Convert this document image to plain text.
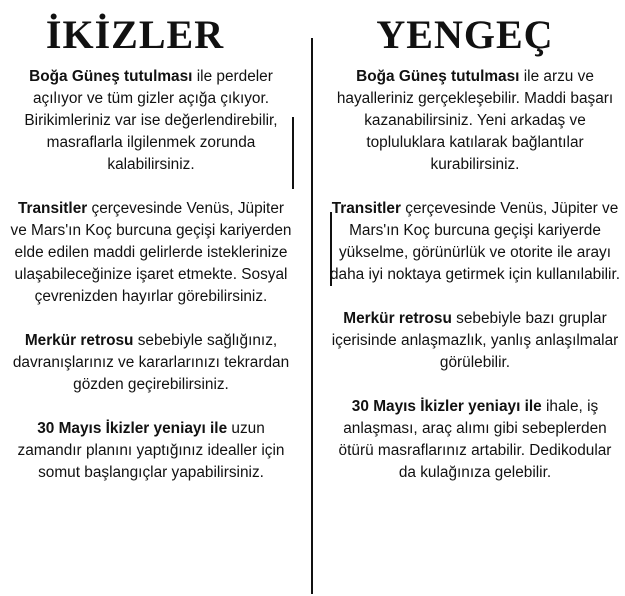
İKİZLER	YENGEÇ

Boğa Güneş tutulması ile perdeler açılıyor ve tüm gizler açığa çıkıyor. Birikimleriniz var ise değerlendirebilir, masraflarla ilgilenmek zorunda kalabilirsiniz.

Transitler çerçevesinde Venüs, Jüpiter ve Mars'ın Koç burcuna geçişi kariyerden elde edilen maddi gelirlerde isteklerinize ulaşabileceğinize işaret etmekte. Sosyal çevrenizden hayırlar görebilirsiniz.

Merkür retrosu sebebiyle sağlığınız, davranışlarınız ve kararlarınızı tekrardan gözden geçirebilirsiniz.

30 Mayıs İkizler yeniayı ile uzun zamandır planını yaptığınız idealler için somut başlangıçlar yapabilirsiniz.

Boğa Güneş tutulması ile arzu ve hayalleriniz gerçekleşebilir. Maddi başarı kazanabilirsiniz. Yeni arkadaş ve topluluklara katılarak bağlantılar kurabilirsiniz.

Transitler çerçevesinde Venüs, Jüpiter ve Mars'ın Koç burcuna geçişi kariyerde yükselme, görünürlük ve otorite ile arayı daha iyi noktaya getirmek için kullanılabilir.

Merkür retrosu sebebiyle bazı gruplar içerisinde anlaşmazlık, yanlış anlaşılmalar görülebilir.

30 Mayıs İkizler yeniayı ile ihale, iş anlaşması, araç alımı gibi sebeplerden ötürü masraflarınız artabilir. Dedikodular da kulağınıza gelebilir.
